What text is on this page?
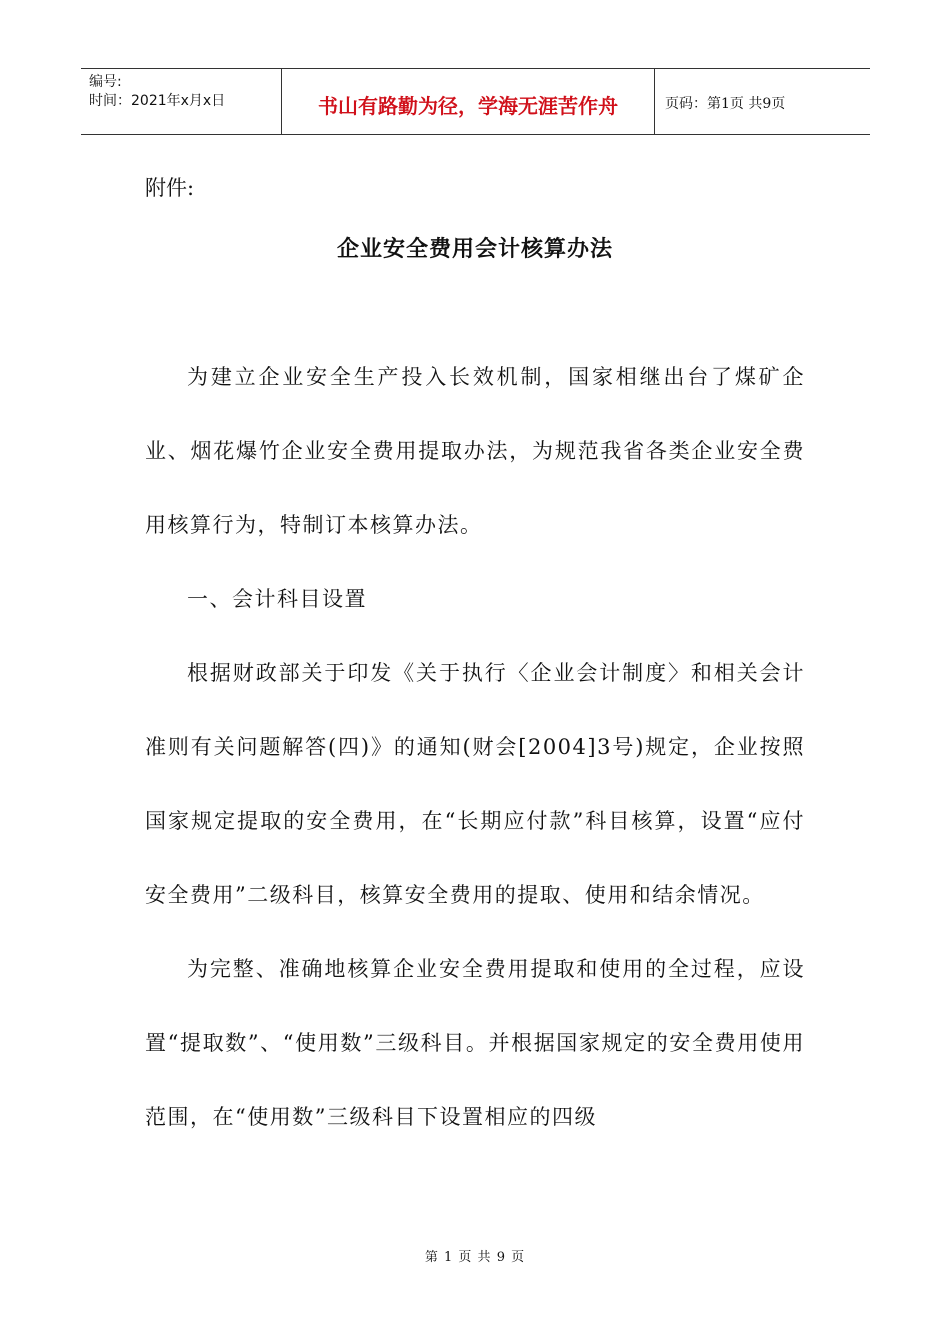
编号:
时间：2021年x月x日	书山有路勤为径，学海无涯苦作舟	页码：第1页 共9页
附件:
企业安全费用会计核算办法

为建立企业安全生产投入长效机制，国家相继出台了煤矿企业、烟花爆竹企业安全费用提取办法，为规范我省各类企业安全费用核算行为，特制订本核算办法。

一、会计科目设置

根据财政部关于印发《关于执行〈企业会计制度〉和相关会计准则有关问题解答(四)》的通知(财会[2004]3号)规定，企业按照国家规定提取的安全费用，在“长期应付款”科目核算，设置“应付安全费用”二级科目，核算安全费用的提取、使用和结余情况。

为完整、准确地核算企业安全费用提取和使用的全过程，应设置“提取数”、“使用数”三级科目。并根据国家规定的安全费用使用范围，在“使用数”三级科目下设置相应的四级

第 1 页 共 9 页
